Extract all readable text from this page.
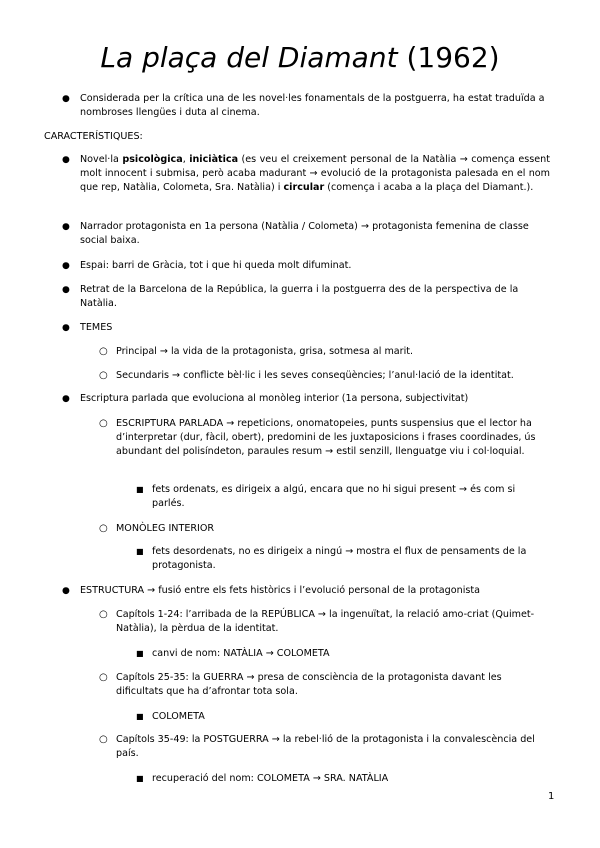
La plaça del Diamant (1962)
● Considerada per la crítica una de les novel·les fonamentals de la postguerra, ha estat traduïda a nombroses llengües i duta al cinema.
CARACTERÍSTIQUES:
● Novel·la psicològica, iniciàtica (es veu el creixement personal de la Natàlia → comença essent molt innocent i submisa, però acaba madurant → evolució de la protagonista palesada en el nom que rep, Natàlia, Colometa, Sra. Natàlia) i circular (comença i acaba a la plaça del Diamant.).
● Narrador protagonista en 1a persona (Natàlia / Colometa) → protagonista femenina de classe social baixa.
● Espai: barri de Gràcia, tot i que hi queda molt difuminat.
● Retrat de la Barcelona de la República, la guerra i la postguerra des de la perspectiva de la Natàlia.
● TEMES
○ Principal → la vida de la protagonista, grisa, sotmesa al marit.
○ Secundaris → conflicte bèl·lic i les seves conseqüències; l’anul·lació de la identitat.
● Escriptura parlada que evoluciona al monòleg interior (1a persona, subjectivitat)
○ ESCRIPTURA PARLADA → repeticions, onomatopeies, punts suspensius que el lector ha d’interpretar (dur, fàcil, obert), predomini de les juxtaposicions i frases coordinades, ús abundant del polisíndeton, paraules resum → estil senzill, llenguatge viu i col·loquial.
■ fets ordenats, es dirigeix a algú, encara que no hi sigui present → és com si parlés.
○ MONÒLEG INTERIOR
■ fets desordenats, no es dirigeix a ningú → mostra el flux de pensaments de la protagonista.
● ESTRUCTURA → fusió entre els fets històrics i l’evolució personal de la protagonista
○ Capítols 1-24: l’arribada de la REPÚBLICA → la ingenuïtat, la relació amo-criat (Quimet-Natàlia), la pèrdua de la identitat.
■ canvi de nom: NATÀLIA → COLOMETA
○ Capítols 25-35: la GUERRA → presa de consciència de la protagonista davant les dificultats que ha d’afrontar tota sola.
■ COLOMETA
○ Capítols 35-49: la POSTGUERRA → la rebel·lió de la protagonista i la convalescència del país.
■ recuperació del nom: COLOMETA → SRA. NATÀLIA
1
